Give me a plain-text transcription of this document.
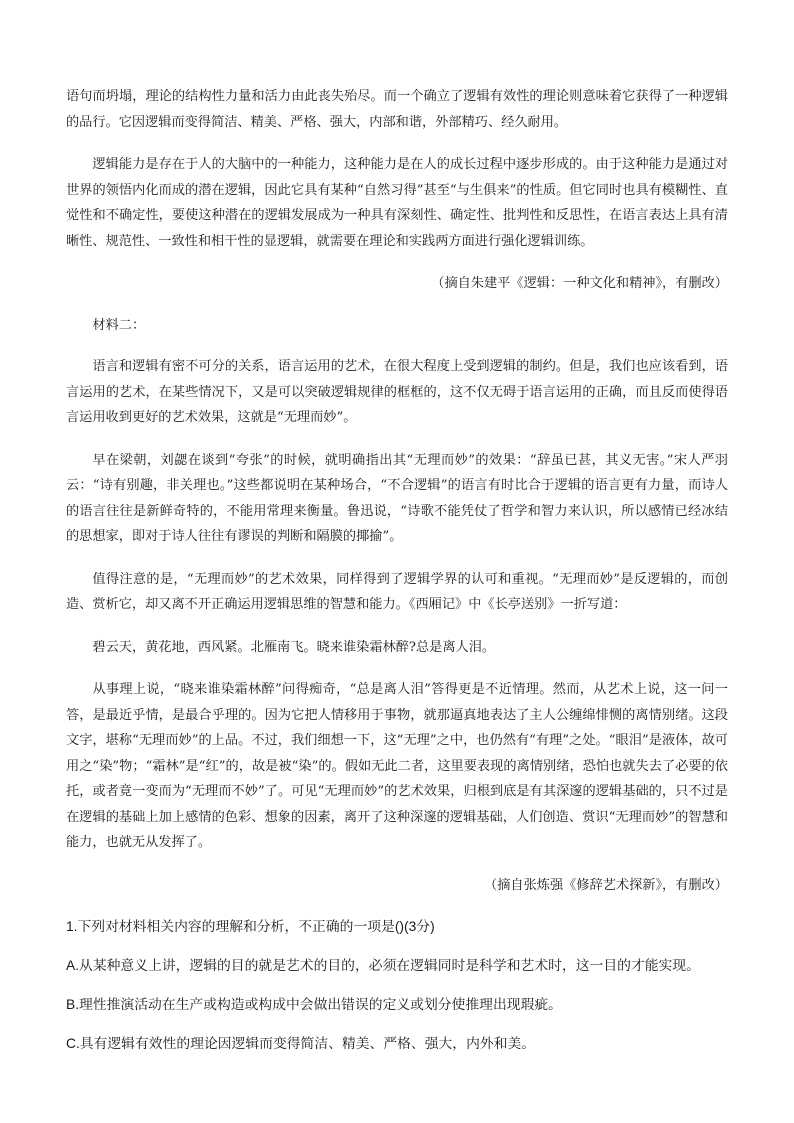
语句而坍塌，理论的结构性力量和活力由此丧失殆尽。而一个确立了逻辑有效性的理论则意味着它获得了一种逻辑的品行。它因逻辑而变得简洁、精美、严格、强大，内部和谐，外部精巧、经久耐用。

逻辑能力是存在于人的大脑中的一种能力，这种能力是在人的成长过程中逐步形成的。由于这种能力是通过对世界的领悟内化而成的潜在逻辑，因此它具有某种“自然习得”甚至“与生俱来”的性质。但它同时也具有模糊性、直觉性和不确定性，要使这种潜在的逻辑发展成为一种具有深刻性、确定性、批判性和反思性，在语言表达上具有清晰性、规范性、一致性和相干性的显逻辑，就需要在理论和实践两方面进行强化逻辑训练。

（摘自朱建平《逻辑：一种文化和精神》，有删改）

材料二：

语言和逻辑有密不可分的关系，语言运用的艺术，在很大程度上受到逻辑的制约。但是，我们也应该看到，语言运用的艺术，在某些情况下，又是可以突破逻辑规律的框框的，这不仅无碍于语言运用的正确，而且反而使得语言运用收到更好的艺术效果，这就是“无理而妙”。

早在梁朝，刘勰在谈到“夸张”的时候，就明确指出其“无理而妙”的效果：“辞虽已甚，其义无害。”宋人严羽云：“诗有别趣，非关理也。”这些都说明在某种场合，“不合逻辑”的语言有时比合于逻辑的语言更有力量，而诗人的语言往往是新鲜奇特的，不能用常理来衡量。鲁迅说，“诗歌不能凭仗了哲学和智力来认识，所以感情已经冰结的思想家，即对于诗人往往有谬误的判断和隔膜的揶揄”。

值得注意的是，“无理而妙”的艺术效果，同样得到了逻辑学界的认可和重视。“无理而妙”是反逻辑的，而创造、赏析它，却又离不开正确运用逻辑思维的智慧和能力。《西厢记》中《长亭送别》一折写道：

碧云天，黄花地，西风紧。北雁南飞。晓来谁染霜林醉?总是离人泪。

从事理上说，“晓来谁染霜林醉”问得痴奇，“总是离人泪”答得更是不近情理。然而，从艺术上说，这一问一答，是最近乎情，是最合乎理的。因为它把人情移用于事物，就那逼真地表达了主人公缠绵悱恻的离情别绪。这段文字，堪称“无理而妙”的上品。不过，我们细想一下，这“无理”之中，也仍然有“有理”之处。“眼泪”是液体，故可用之“染”物；“霜林”是“红”的，故是被“染”的。假如无此二者，这里要表现的离情别绪，恐怕也就失去了必要的依托，或者竟一变而为“无理而不妙”了。可见“无理而妙”的艺术效果，归根到底是有其深邃的逻辑基础的，只不过是在逻辑的基础上加上感情的色彩、想象的因素，离开了这种深邃的逻辑基础，人们创造、赏识“无理而妙”的智慧和能力，也就无从发挥了。

（摘自张炼强《修辞艺术探新》，有删改）

1.下列对材料相关内容的理解和分析，不正确的一项是()(3分)

A.从某种意义上讲，逻辑的目的就是艺术的目的，必须在逻辑同时是科学和艺术时，这一目的才能实现。

B.理性推演活动在生产或构造或构成中会做出错误的定义或划分使推理出现瑕疵。

C.具有逻辑有效性的理论因逻辑而变得简洁、精美、严格、强大，内外和美。
